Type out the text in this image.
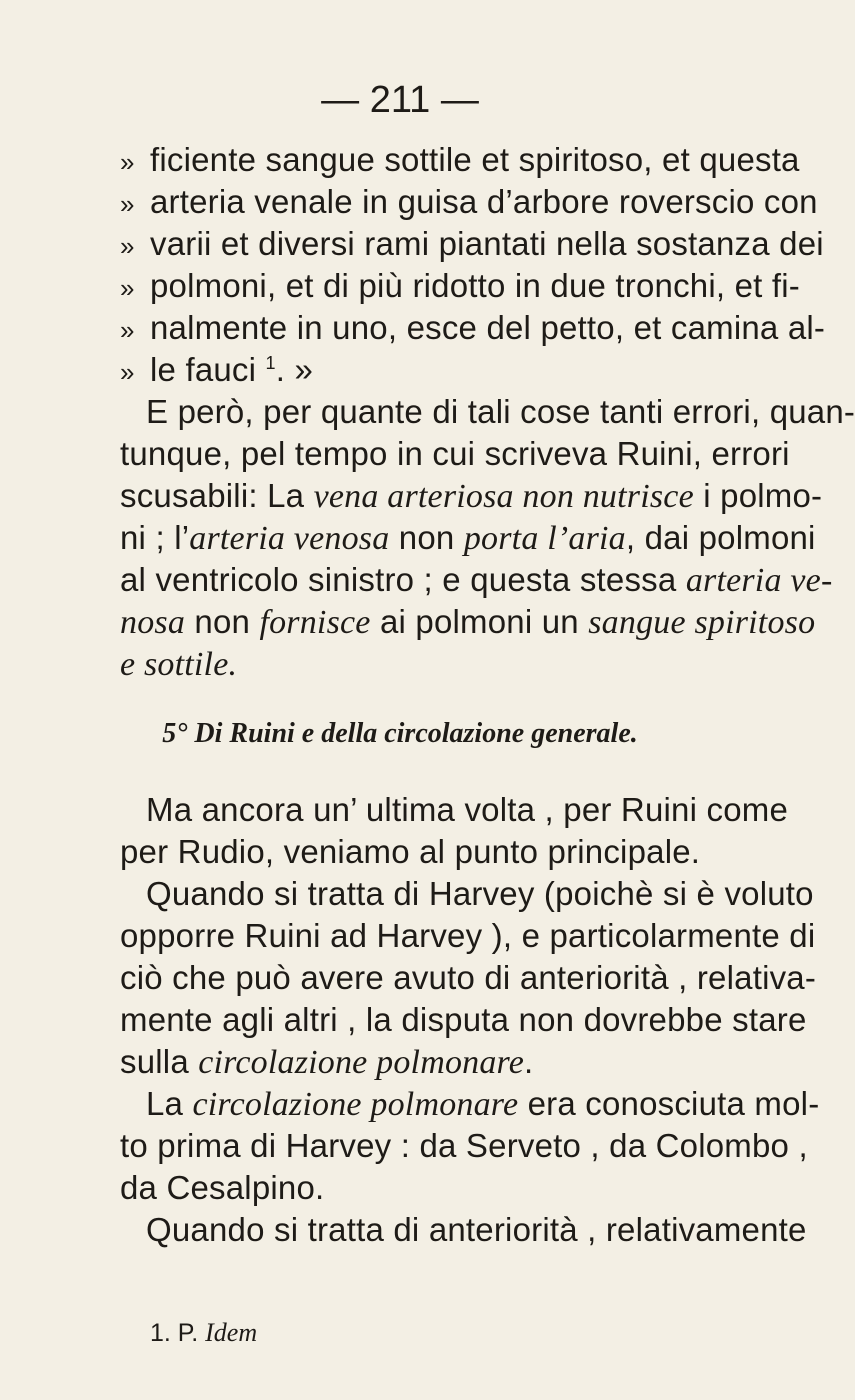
— 211 —
» ficiente sangue sottile et spiritoso, et questa
» arteria venale in guisa d’arbore roverscio con
» varii et diversi rami piantati nella sostanza dei
» polmoni, et di più ridotto in due tronchi, et fi-
» nalmente in uno, esce del petto, et camina al-
» le fauci $^1$. »
E però, per quante di tali cose tanti errori, quan-
tunque, pel tempo in cui scriveva Ruini, errori
scusabili: La vena arteriosa non nutrisce i polmo-
ni ; l’arteria venosa non porta l’aria, dai polmoni
al ventricolo sinistro ; e questa stessa arteria ve-
nosa non fornisce ai polmoni un sangue spiritoso
e sottile.
5° Di Ruini e della circolazione generale.
Ma ancora un’ ultima volta , per Ruini come
per Rudio, veniamo al punto principale.
Quando si tratta di Harvey (poichè si è voluto
opporre Ruini ad Harvey ), e particolarmente di
ciò che può avere avuto di anteriorità , relativa-
mente agli altri , la disputa non dovrebbe stare
sulla circolazione polmonare.
La circolazione polmonare era conosciuta mol-
to prima di Harvey : da Serveto , da Colombo ,
da Cesalpino.
Quando si tratta di anteriorità , relativamente
1. P. Idem
